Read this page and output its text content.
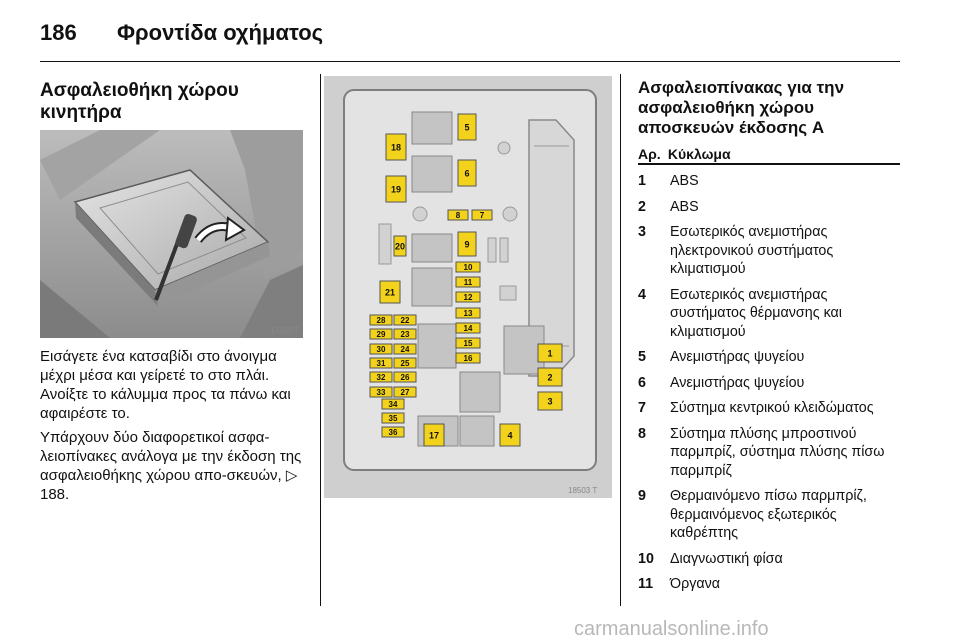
186 Φροντίδα οχήματος
Ασφαλειοθήκη χώρου κινητήρα
17263 T

Εισάγετε ένα κατσαβίδι στο άνοιγμα μέχρι μέσα και γείρετέ το στο πλάι. Ανοίξτε το κάλυμμα προς τα πάνω και αφαιρέστε το.

Υπάρχουν δύο διαφορετικοί ασφα-λειοπίνακες ανάλογα με την έκδοση της ασφαλειοθήκης χώρου απο-σκευών, ▷ 188.

1
2
3
4
5
6
7
8
9
10
11
12
13
14
15
16
17
18
19
20
21
22
23
24
25
26
27
28
29
30
31
32
33
34
35
36
18503 T
Ασφαλειοπίνακας για την ασφαλειοθήκη χώρου αποσκευών έκδοσης A
Αρ. Κύκλωμα
1	ABS
2	ABS
3	Εσωτερικός ανεμιστήρας ηλεκτρονικού συστήματος κλιματισμού
4	Εσωτερικός ανεμιστήρας συστήματος θέρμανσης και κλιματισμού
5	Ανεμιστήρας ψυγείου
6	Ανεμιστήρας ψυγείου
7	Σύστημα κεντρικού κλειδώματος
8	Σύστημα πλύσης μπροστινού παρμπρίζ, σύστημα πλύσης πίσω παρμπρίζ
9	Θερμαινόμενο πίσω παρμπρίζ, θερμαινόμενος εξωτερικός καθρέπτης
10	Διαγνωστική φίσα
11	Όργανα
carmanualsonline.info
